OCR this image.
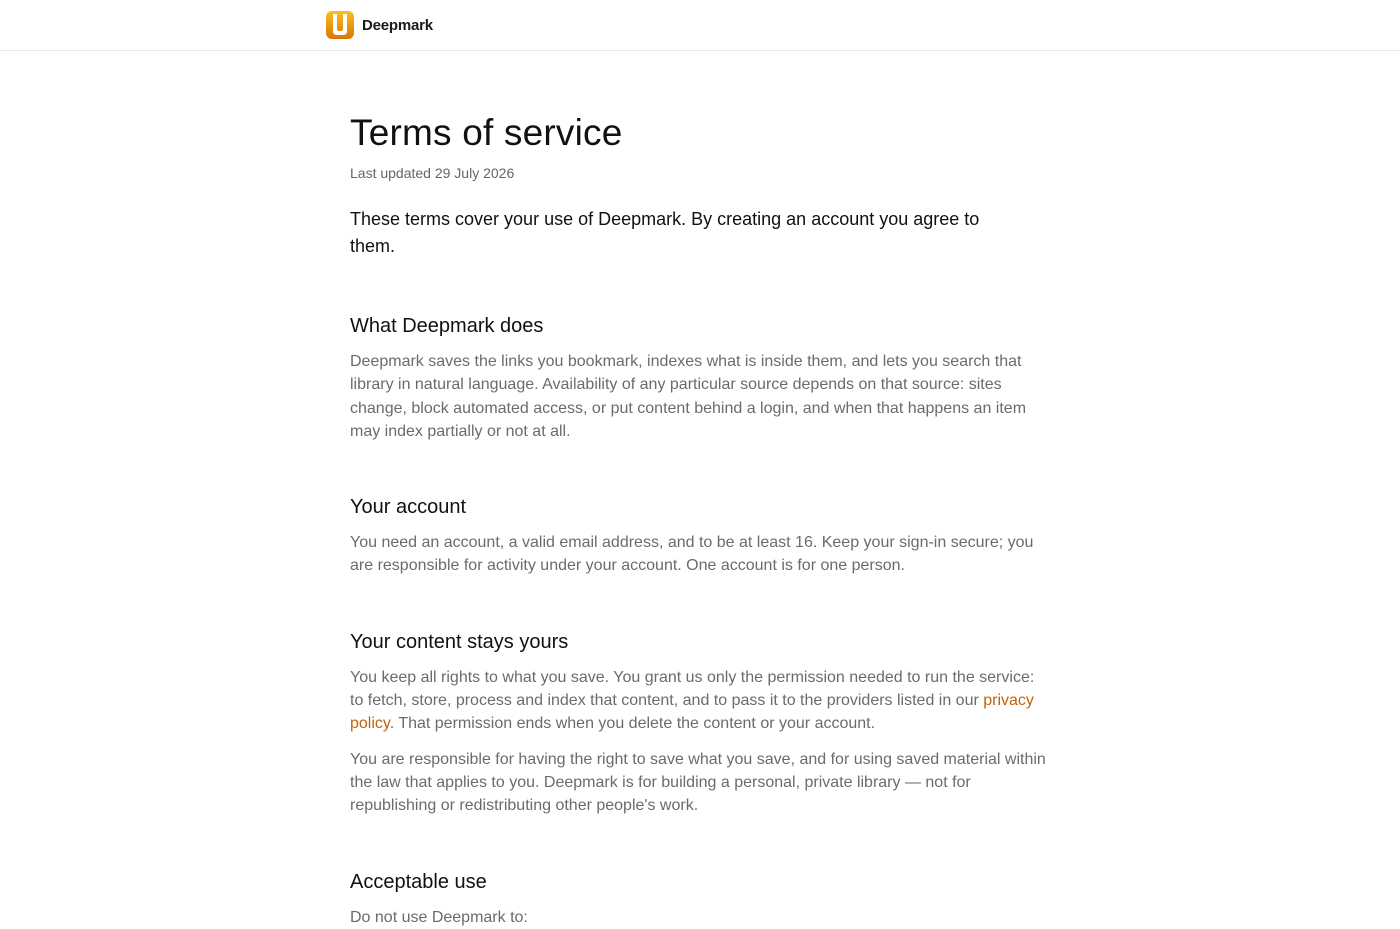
Deepmark
Terms of service
Last updated 29 July 2026

These terms cover your use of Deepmark. By creating an account you agree to them.

What Deepmark does

Deepmark saves the links you bookmark, indexes what is inside them, and lets you search that library in natural language. Availability of any particular source depends on that source: sites change, block automated access, or put content behind a login, and when that happens an item may index partially or not at all.

Your account

You need an account, a valid email address, and to be at least 16. Keep your sign-in secure; you are responsible for activity under your account. One account is for one person.

Your content stays yours

You keep all rights to what you save. You grant us only the permission needed to run the service: to fetch, store, process and index that content, and to pass it to the providers listed in our privacy policy. That permission ends when you delete the content or your account.

You are responsible for having the right to save what you save, and for using saved material within the law that applies to you. Deepmark is for building a personal, private library — not for republishing or redistributing other people's work.

Acceptable use

Do not use Deepmark to:
